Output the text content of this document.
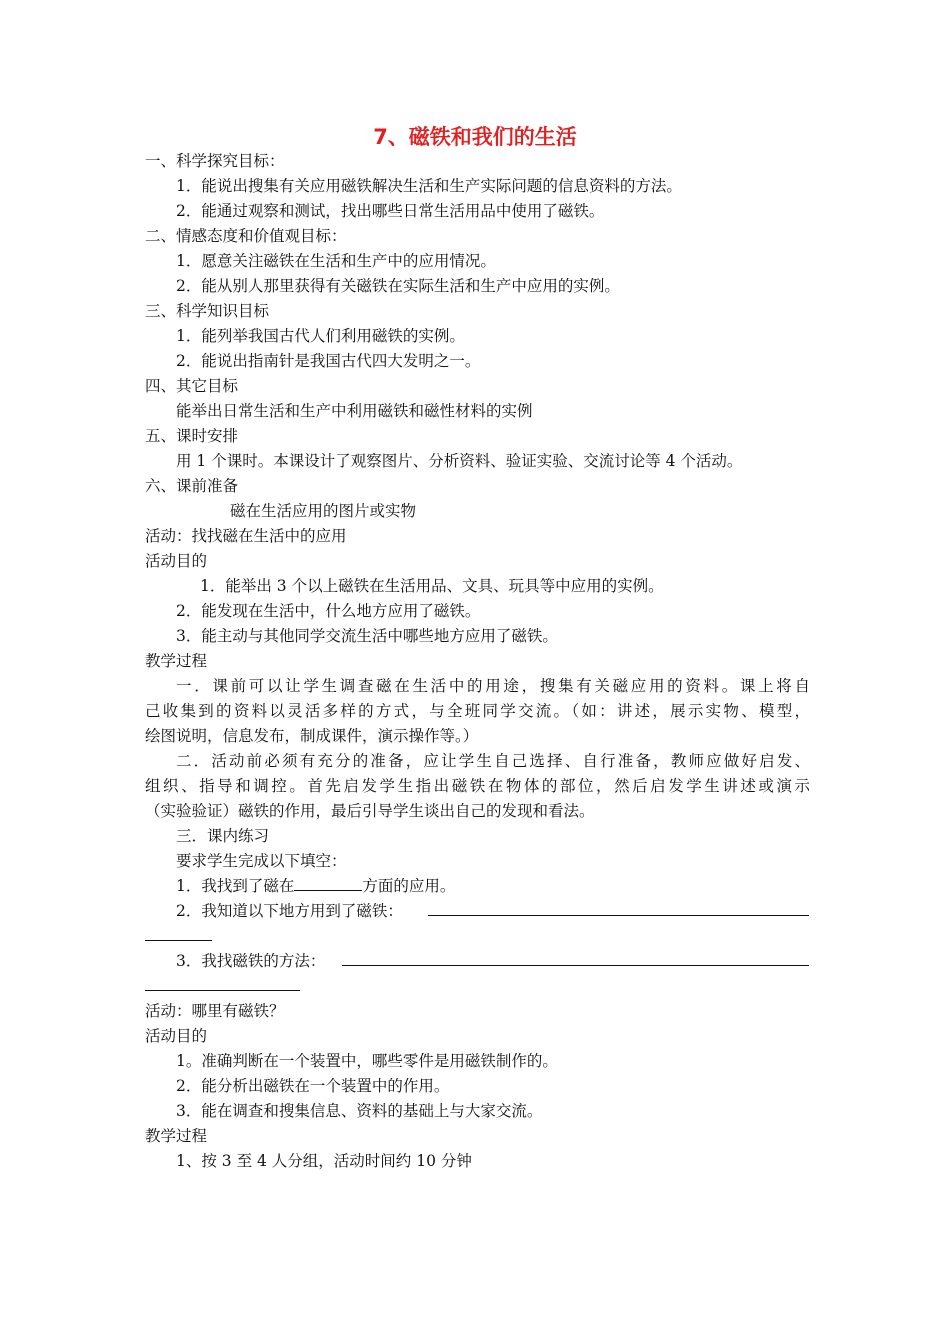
7、磁铁和我们的生活
一、科学探究目标：
1．能说出搜集有关应用磁铁解决生活和生产实际问题的信息资料的方法。
2．能通过观察和测试，找出哪些日常生活用品中使用了磁铁。
二、情感态度和价值观目标：
1．愿意关注磁铁在生活和生产中的应用情况。
2．能从别人那里获得有关磁铁在实际生活和生产中应用的实例。
三、科学知识目标
1．能列举我国古代人们利用磁铁的实例。
2．能说出指南针是我国古代四大发明之一。
四、其它目标
能举出日常生活和生产中利用磁铁和磁性材料的实例
五、课时安排
用 1 个课时。本课设计了观察图片、分析资料、验证实验、交流讨论等 4 个活动。
六、课前准备
磁在生活应用的图片或实物
活动：找找磁在生活中的应用
活动目的
1．能举出 3 个以上磁铁在生活用品、文具、玩具等中应用的实例。
2．能发现在生活中，什么地方应用了磁铁。
3．能主动与其他同学交流生活中哪些地方应用了磁铁。
教学过程
一．课前可以让学生调查磁在生活中的用途，搜集有关磁应用的资料。课上将自
己收集到的资料以灵活多样的方式，与全班同学交流。（如：讲述，展示实物、模型，
绘图说明，信息发布，制成课件，演示操作等。）
二．活动前必须有充分的准备，应让学生自己选择、自行准备，教师应做好启发、
组织、指导和调控。首先启发学生指出磁铁在物体的部位，然后启发学生讲述或演示
（实验验证）磁铁的作用，最后引导学生谈出自己的发现和看法。
三．课内练习
要求学生完成以下填空：
1．我找到了磁在	方面的应用。
2．我知道以下地方用到了磁铁：
3．我找磁铁的方法：
活动：哪里有磁铁？
活动目的
1。准确判断在一个装置中，哪些零件是用磁铁制作的。
2．能分析出磁铁在一个装置中的作用。
3．能在调查和搜集信息、资料的基础上与大家交流。
教学过程
1、按 3 至 4 人分组，活动时间约 10 分钟
